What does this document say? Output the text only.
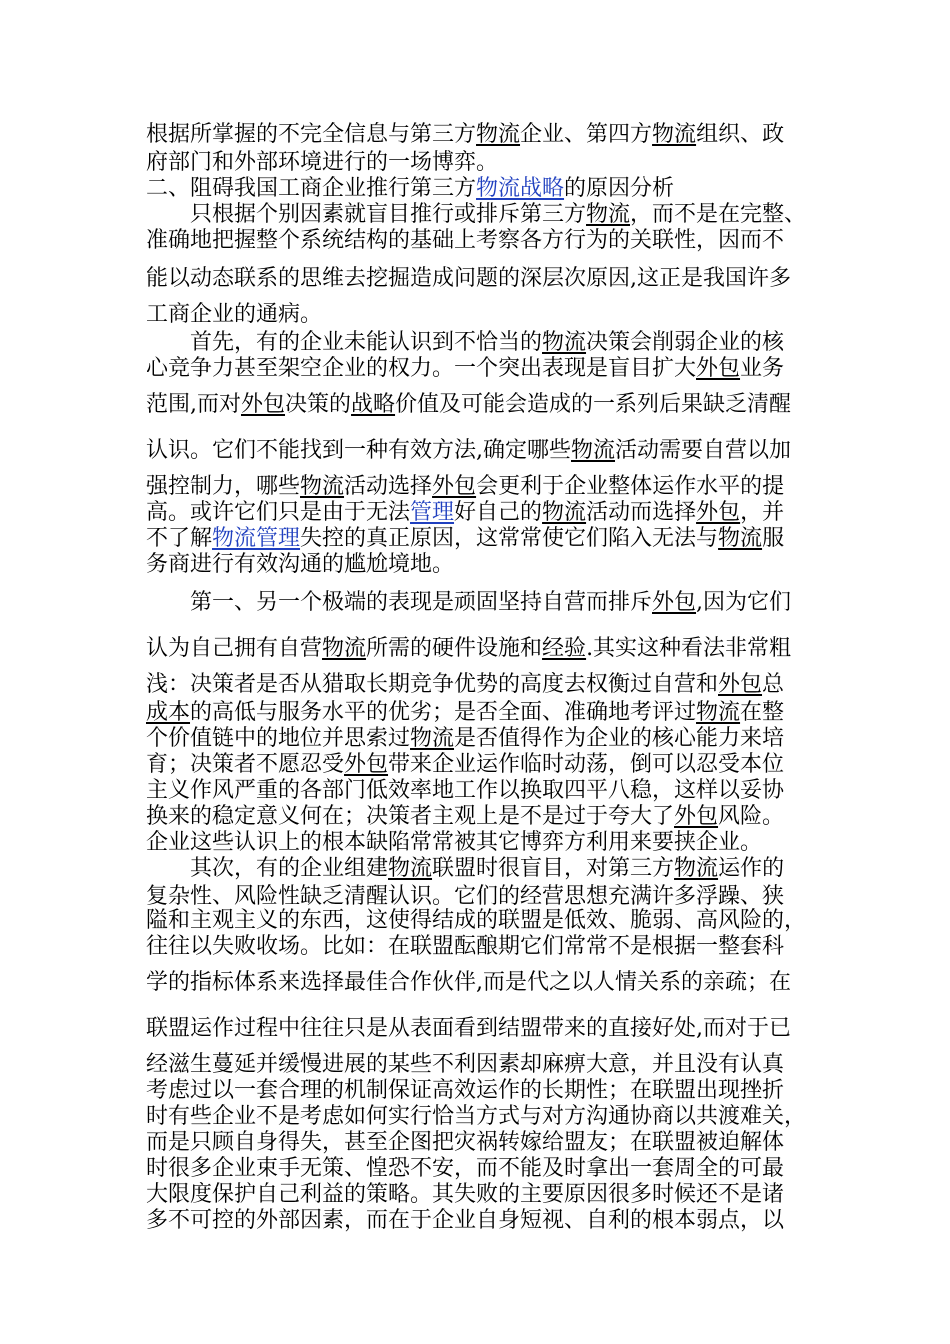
根据所掌握的不完全信息与第三方物流企业、第四方物流组织、政
府部门和外部环境进行的一场博弈。
二、阻碍我国工商企业推行第三方物流战略的原因分析
　　只根据个别因素就盲目推行或排斥第三方物流，而不是在完整、
准确地把握整个系统结构的基础上考察各方行为的关联性，因而不
能以动态联系的思维去挖掘造成问题的深层次原因,这正是我国许多
工商企业的通病。
　　首先，有的企业未能认识到不恰当的物流决策会削弱企业的核
心竞争力甚至架空企业的权力。一个突出表现是盲目扩大外包业务
范围,而对外包决策的战略价值及可能会造成的一系列后果缺乏清醒
认识。它们不能找到一种有效方法,确定哪些物流活动需要自营以加
强控制力，哪些物流活动选择外包会更利于企业整体运作水平的提
高。或许它们只是由于无法管理好自己的物流活动而选择外包，并
不了解物流管理失控的真正原因，这常常使它们陷入无法与物流服
务商进行有效沟通的尴尬境地。
　　第一、另一个极端的表现是顽固坚持自营而排斥外包,因为它们
认为自己拥有自营物流所需的硬件设施和经验.其实这种看法非常粗
浅：决策者是否从猎取长期竞争优势的高度去权衡过自营和外包总
成本的高低与服务水平的优劣；是否全面、准确地考评过物流在整
个价值链中的地位并思索过物流是否值得作为企业的核心能力来培
育；决策者不愿忍受外包带来企业运作临时动荡，倒可以忍受本位
主义作风严重的各部门低效率地工作以换取四平八稳，这样以妥协
换来的稳定意义何在；决策者主观上是不是过于夸大了外包风险。
企业这些认识上的根本缺陷常常被其它博弈方利用来要挟企业。
　　其次，有的企业组建物流联盟时很盲目，对第三方物流运作的
复杂性、风险性缺乏清醒认识。它们的经营思想充满许多浮躁、狭
隘和主观主义的东西，这使得结成的联盟是低效、脆弱、高风险的，
往往以失败收场。比如：在联盟酝酿期它们常常不是根据一整套科
学的指标体系来选择最佳合作伙伴,而是代之以人情关系的亲疏；在
联盟运作过程中往往只是从表面看到结盟带来的直接好处,而对于已
经滋生蔓延并缓慢进展的某些不利因素却麻痹大意，并且没有认真
考虑过以一套合理的机制保证高效运作的长期性；在联盟出现挫折
时有些企业不是考虑如何实行恰当方式与对方沟通协商以共渡难关，
而是只顾自身得失，甚至企图把灾祸转嫁给盟友；在联盟被迫解体
时很多企业束手无策、惶恐不安，而不能及时拿出一套周全的可最
大限度保护自己利益的策略。其失败的主要原因很多时候还不是诸
多不可控的外部因素，而在于企业自身短视、自利的根本弱点，以
